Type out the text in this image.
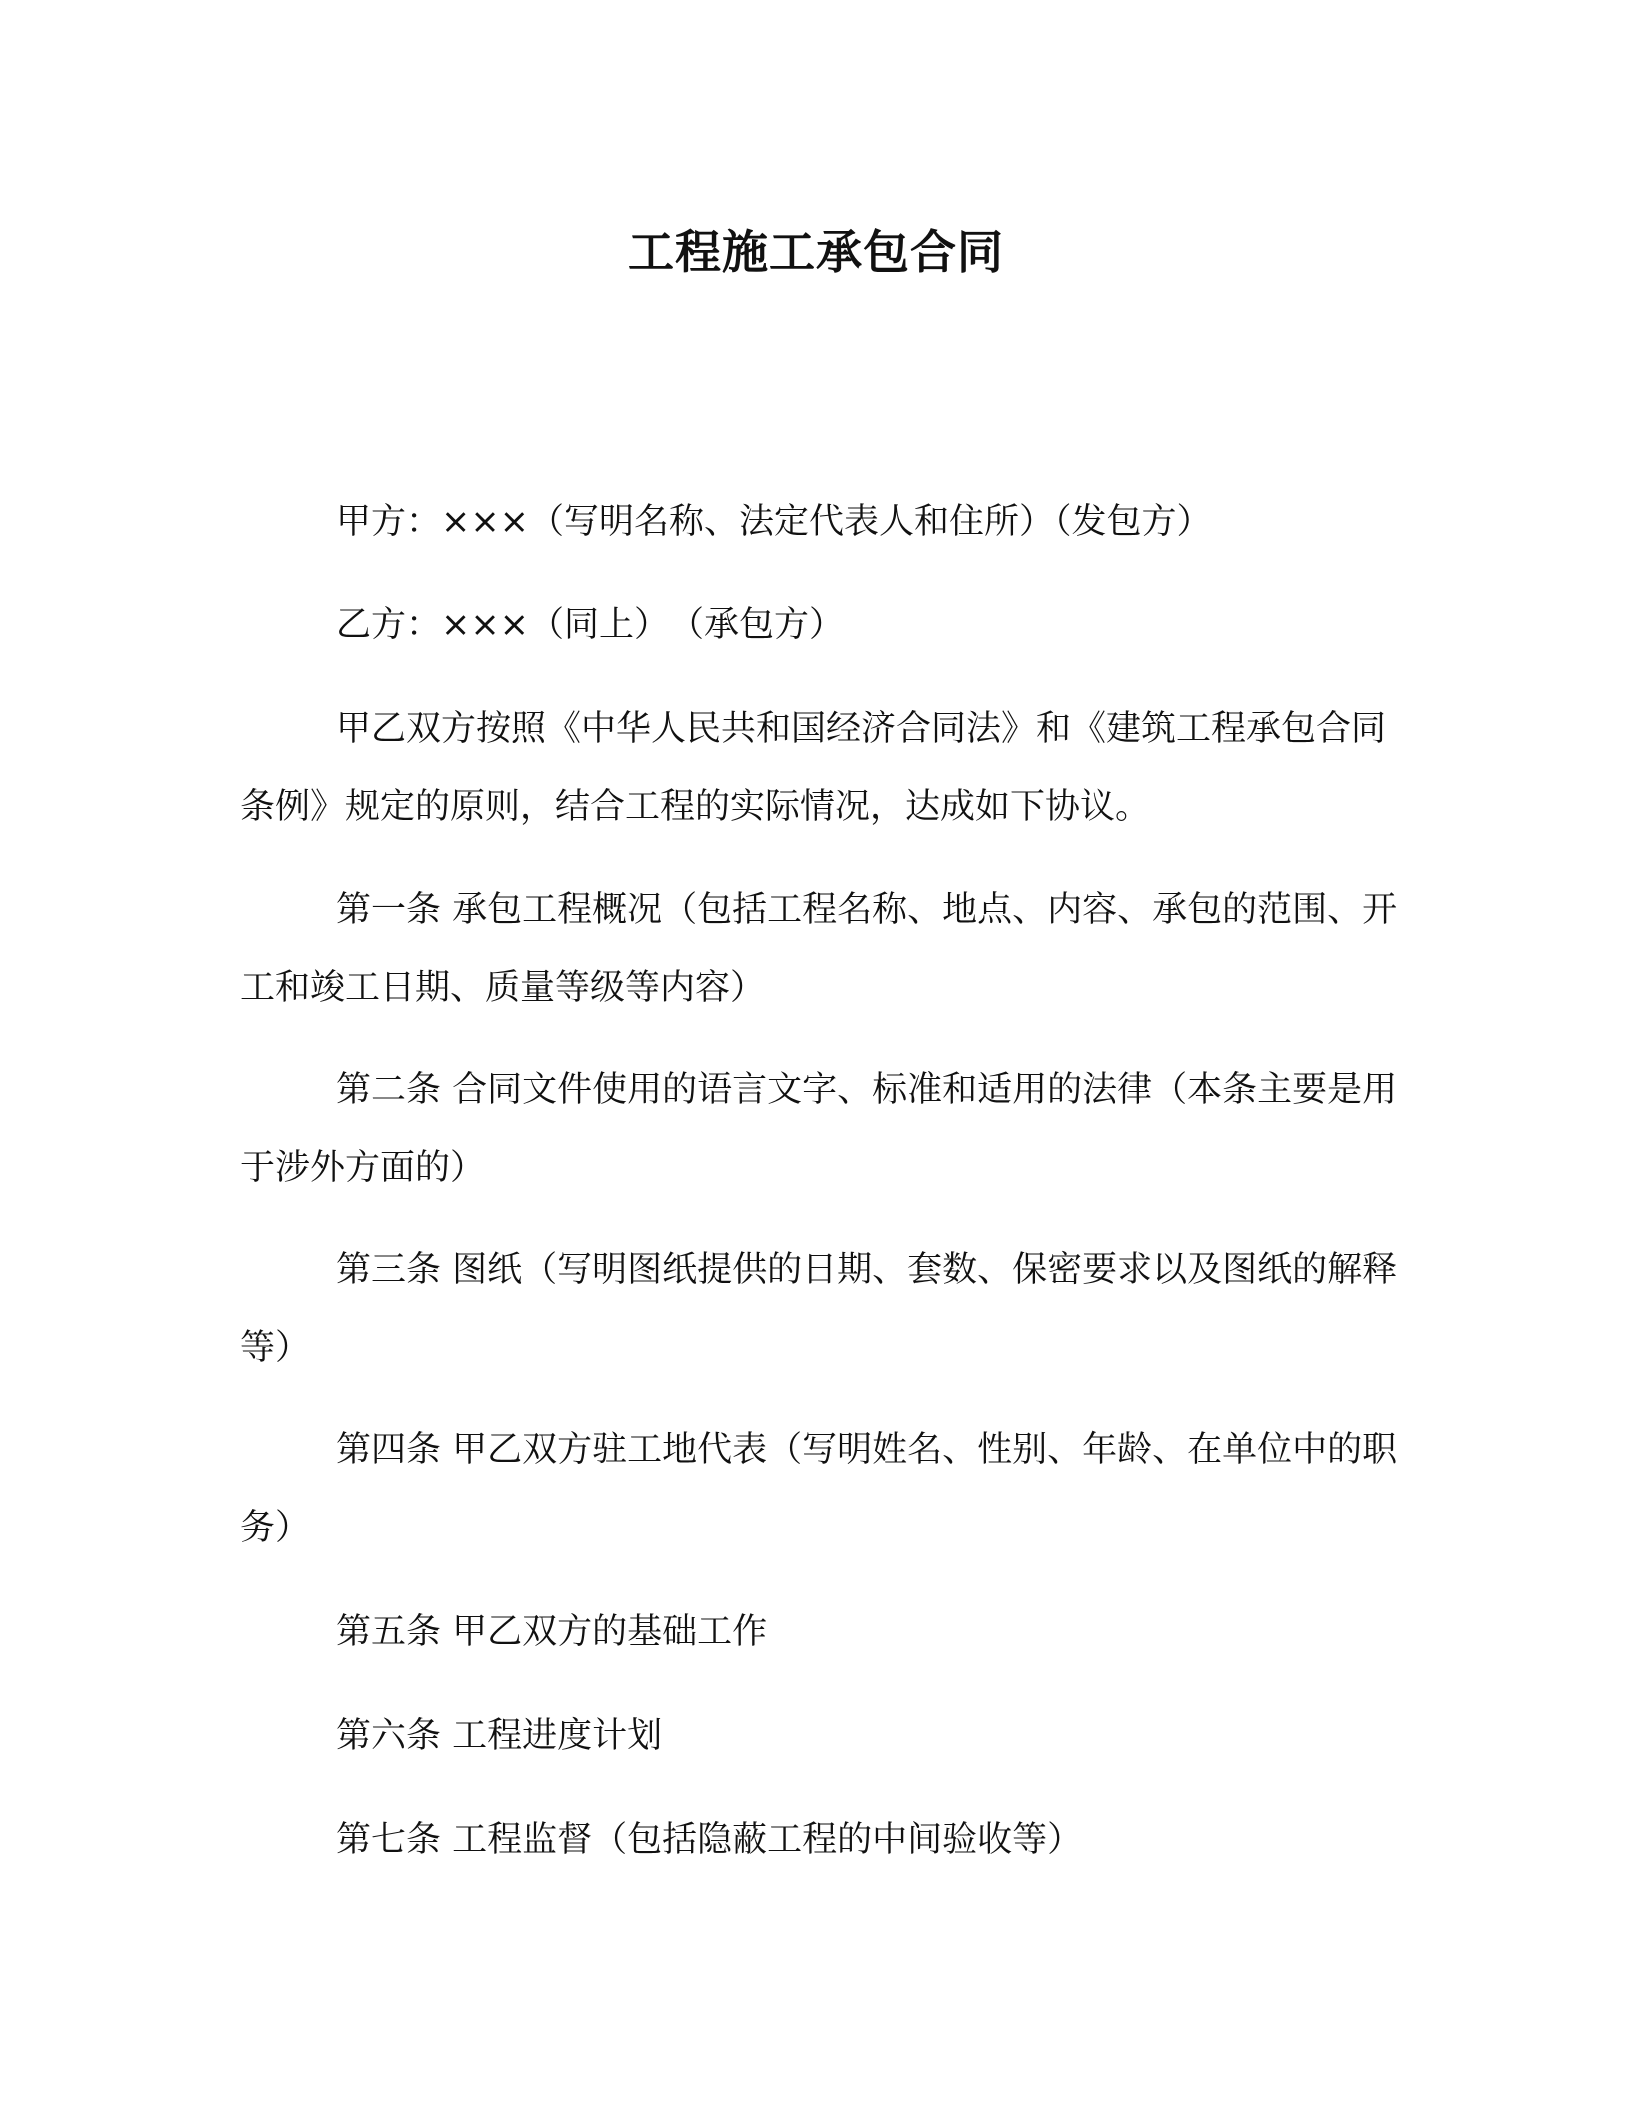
工程施工承包合同
甲方：×××（写明名称、法定代表人和住所）（发包方）
乙方：×××（同上）　（承包方）
甲乙双方按照《中华人民共和国经济合同法》和《建筑工程承包合同条例》规定的原则，结合工程的实际情况，达成如下协议。
第一条 承包工程概况（包括工程名称、地点、内容、承包的范围、开工和竣工日期、质量等级等内容）
第二条 合同文件使用的语言文字、标准和适用的法律（本条主要是用于涉外方面的）
第三条 图纸（写明图纸提供的日期、套数、保密要求以及图纸的解释等）
第四条 甲乙双方驻工地代表（写明姓名、性别、年龄、在单位中的职务）
第五条 甲乙双方的基础工作
第六条 工程进度计划
第七条 工程监督（包括隐蔽工程的中间验收等）
